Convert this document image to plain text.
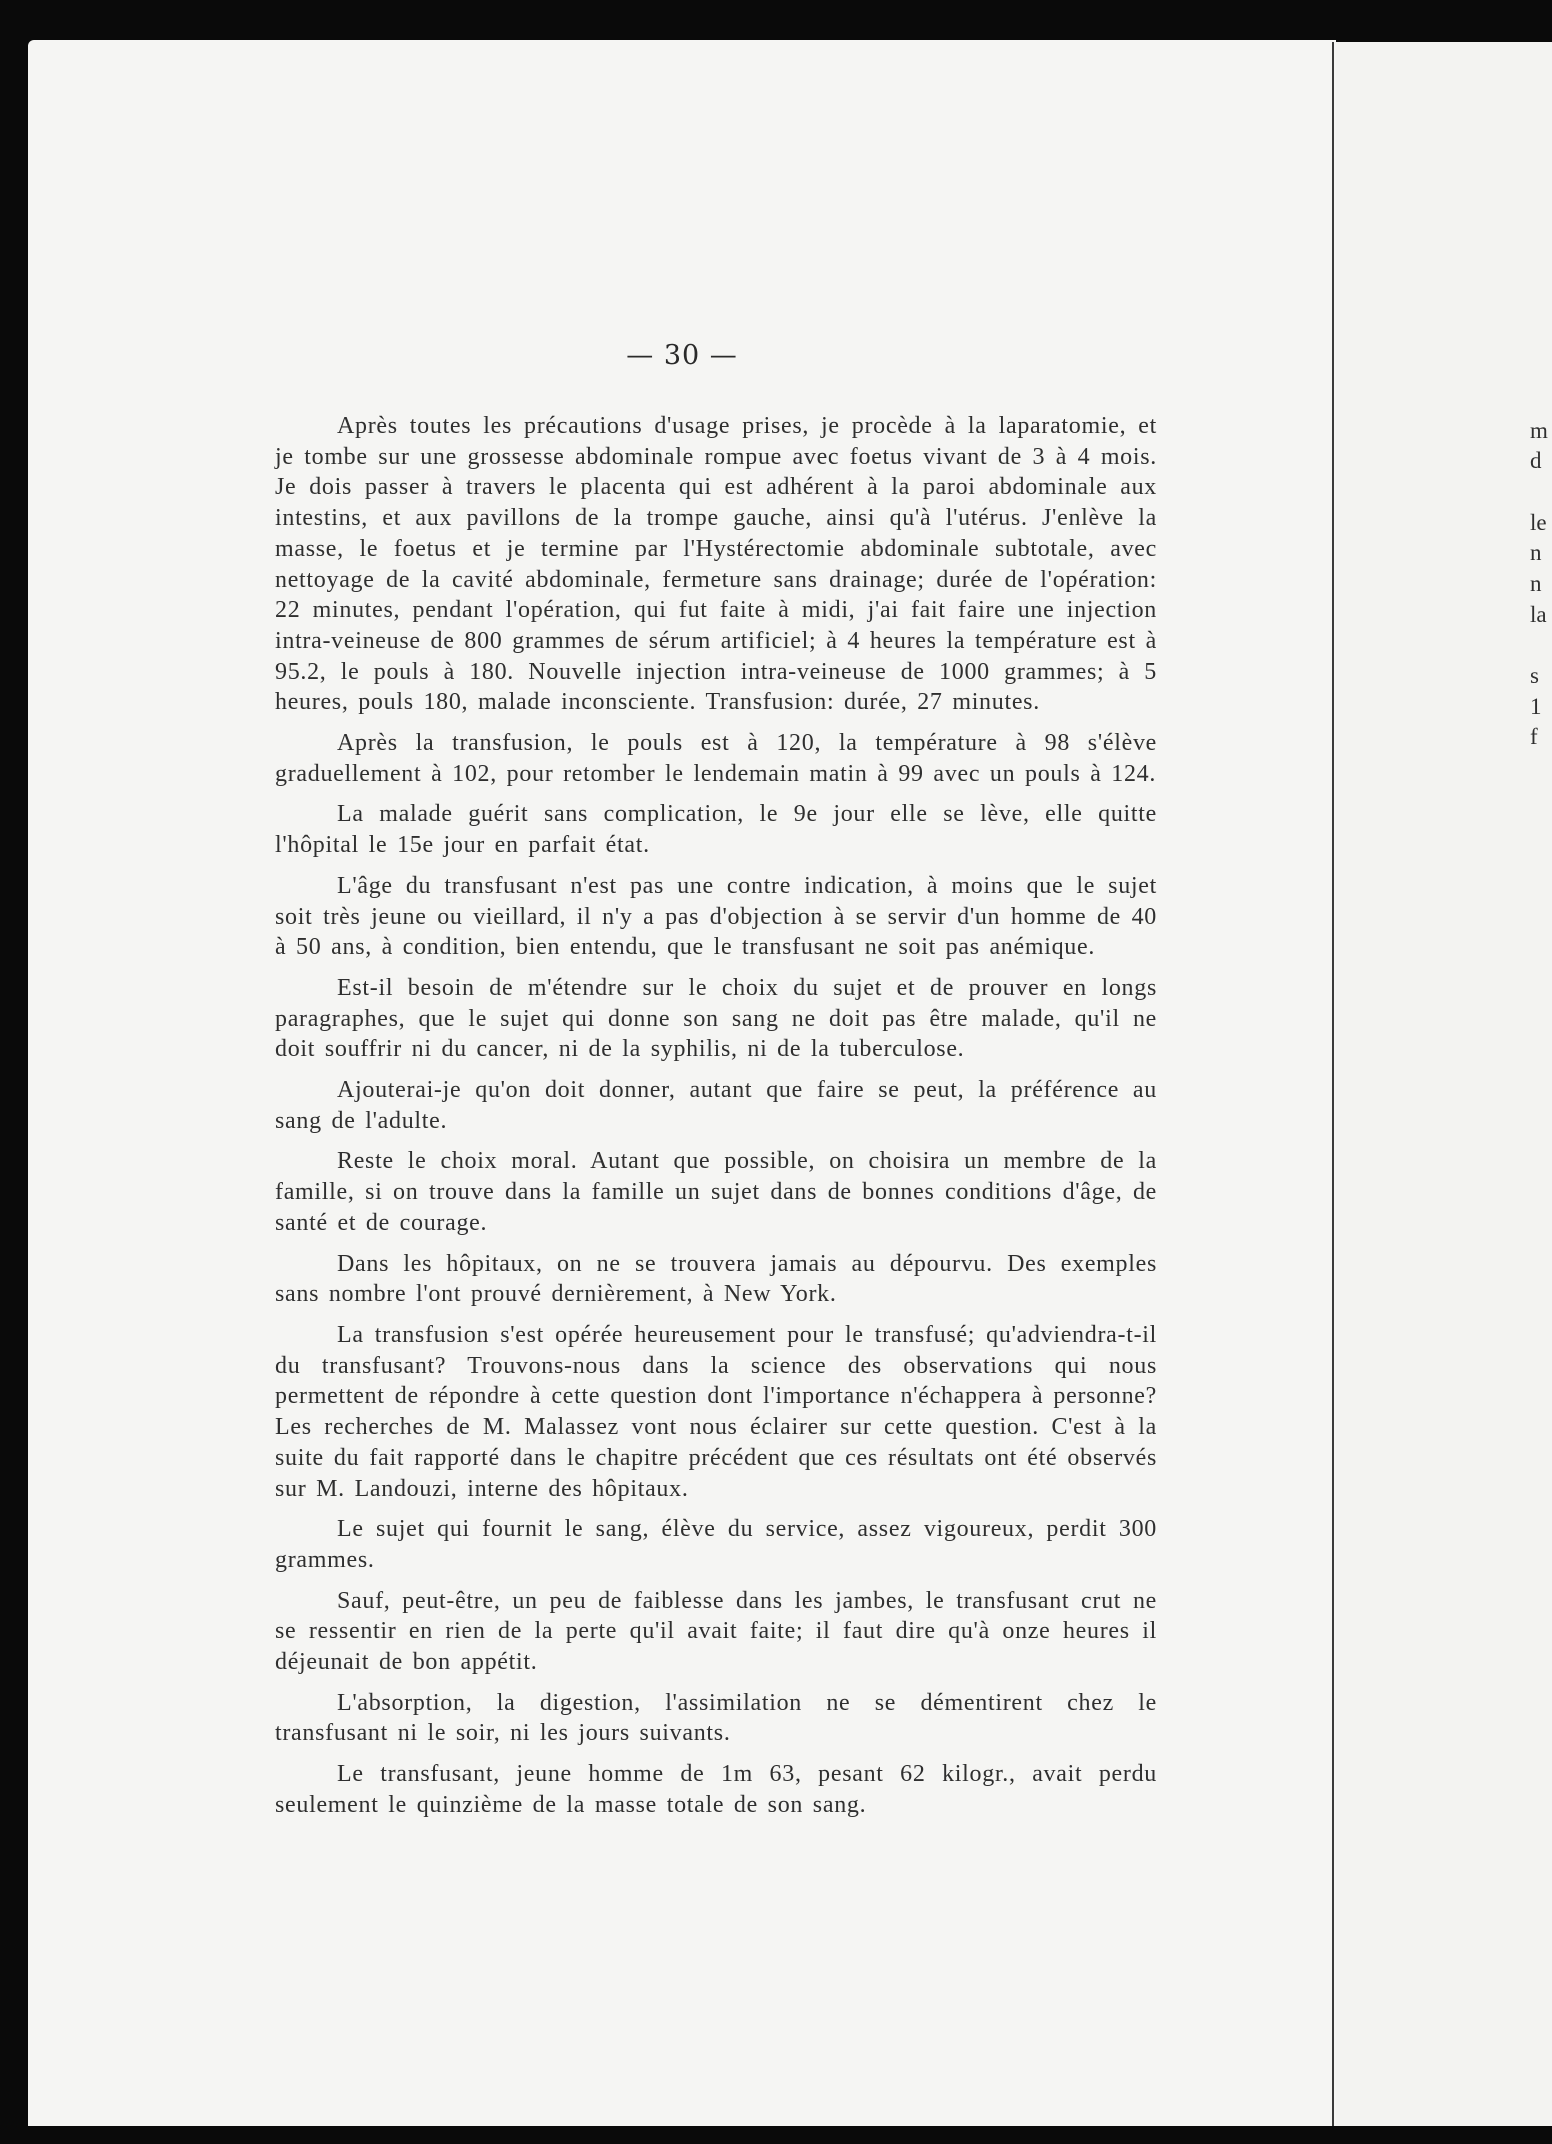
— 30 —

Après toutes les précautions d'usage prises, je procède à la laparatomie, et je tombe sur une grossesse abdominale rompue avec foetus vivant de 3 à 4 mois. Je dois passer à travers le placenta qui est adhérent à la paroi abdominale aux intestins, et aux pavillons de la trompe gauche, ainsi qu'à l'utérus. J'enlève la masse, le foetus et je termine par l'Hystérectomie abdominale subtotale, avec nettoyage de la cavité abdominale, fermeture sans drainage; durée de l'opération: 22 minutes, pendant l'opération, qui fut faite à midi, j'ai fait faire une injection intra-veineuse de 800 grammes de sérum artificiel; à 4 heures la température est à 95.2, le pouls à 180. Nouvelle injection intra-veineuse de 1000 grammes; à 5 heures, pouls 180, malade inconsciente. Transfusion: durée, 27 minutes.

Après la transfusion, le pouls est à 120, la température à 98 s'élève graduellement à 102, pour retomber le lendemain matin à 99 avec un pouls à 124.

La malade guérit sans complication, le 9e jour elle se lève, elle quitte l'hôpital le 15e jour en parfait état.

L'âge du transfusant n'est pas une contre indication, à moins que le sujet soit très jeune ou vieillard, il n'y a pas d'objection à se servir d'un homme de 40 à 50 ans, à condition, bien entendu, que le transfusant ne soit pas anémique.

Est-il besoin de m'étendre sur le choix du sujet et de prouver en longs paragraphes, que le sujet qui donne son sang ne doit pas être malade, qu'il ne doit souffrir ni du cancer, ni de la syphilis, ni de la tuberculose.

Ajouterai-je qu'on doit donner, autant que faire se peut, la préférence au sang de l'adulte.

Reste le choix moral. Autant que possible, on choisira un membre de la famille, si on trouve dans la famille un sujet dans de bonnes conditions d'âge, de santé et de courage.

Dans les hôpitaux, on ne se trouvera jamais au dépourvu. Des exemples sans nombre l'ont prouvé dernièrement, à New York.

La transfusion s'est opérée heureusement pour le transfusé; qu'adviendra-t-il du transfusant? Trouvons-nous dans la science des observations qui nous permettent de répondre à cette question dont l'importance n'échappera à personne? Les recherches de M. Malassez vont nous éclairer sur cette question. C'est à la suite du fait rapporté dans le chapitre précédent que ces résultats ont été observés sur M. Landouzi, interne des hôpitaux.

Le sujet qui fournit le sang, élève du service, assez vigoureux, perdit 300 grammes.

Sauf, peut-être, un peu de faiblesse dans les jambes, le transfusant crut ne se ressentir en rien de la perte qu'il avait faite; il faut dire qu'à onze heures il déjeunait de bon appétit.

L'absorption, la digestion, l'assimilation ne se démentirent chez le transfusant ni le soir, ni les jours suivants.

Le transfusant, jeune homme de 1m 63, pesant 62 kilogr., avait perdu seulement le quinzième de la masse totale de son sang.

m
d
le
n
n
la
s
1
f
